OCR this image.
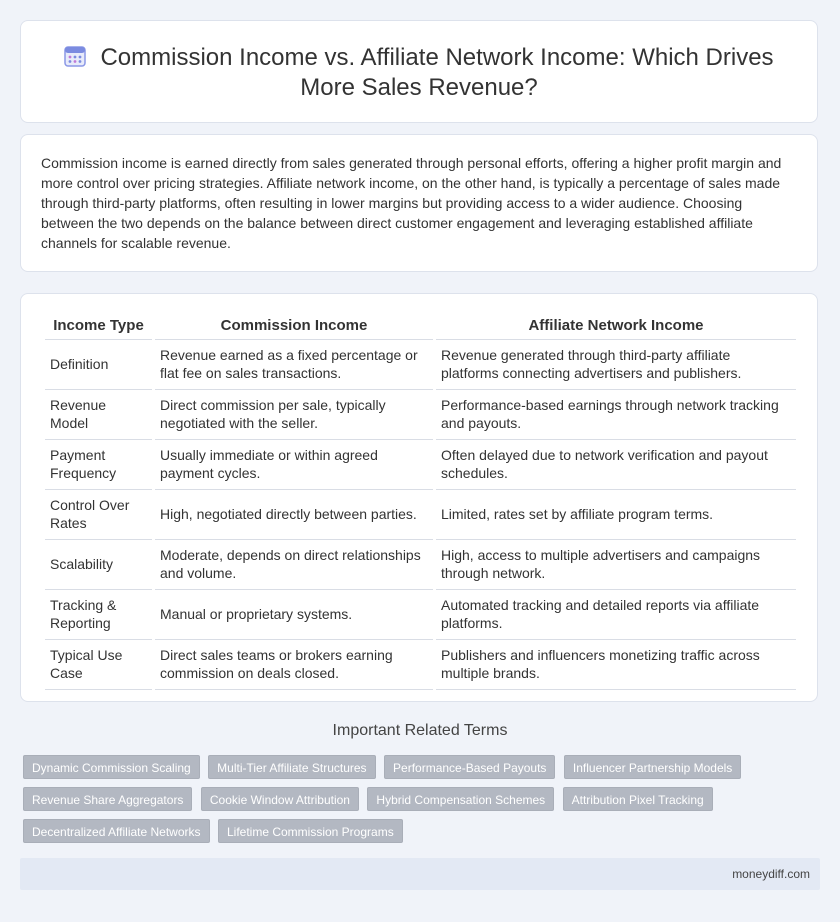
Commission Income vs. Affiliate Network Income: Which Drives
More Sales Revenue?

Commission income is earned directly from sales generated through personal efforts, offering a higher profit margin and more control over pricing strategies. Affiliate network income, on the other hand, is typically a percentage of sales made through third-party platforms, often resulting in lower margins but providing access to a wider audience. Choosing between the two depends on the balance between direct customer engagement and leveraging established affiliate channels for scalable revenue.

Income Type	Commission Income	Affiliate Network Income
Definition	Revenue earned as a fixed percentage or flat fee on sales transactions.	Revenue generated through third-party affiliate platforms connecting advertisers and publishers.
Revenue Model	Direct commission per sale, typically negotiated with the seller.	Performance-based earnings through network tracking and payouts.
Payment Frequency	Usually immediate or within agreed payment cycles.	Often delayed due to network verification and payout schedules.
Control Over Rates	High, negotiated directly between parties.	Limited, rates set by affiliate program terms.
Scalability	Moderate, depends on direct relationships and volume.	High, access to multiple advertisers and campaigns through network.
Tracking & Reporting	Manual or proprietary systems.	Automated tracking and detailed reports via affiliate platforms.
Typical Use Case	Direct sales teams or brokers earning commission on deals closed.	Publishers and influencers monetizing traffic across multiple brands.
Important Related Terms
Dynamic Commission Scaling Multi-Tier Affiliate Structures Performance-Based Payouts Influencer Partnership Models Revenue Share Aggregators Cookie Window Attribution Hybrid Compensation Schemes Attribution Pixel Tracking Decentralized Affiliate Networks Lifetime Commission Programs
moneydiff.com
